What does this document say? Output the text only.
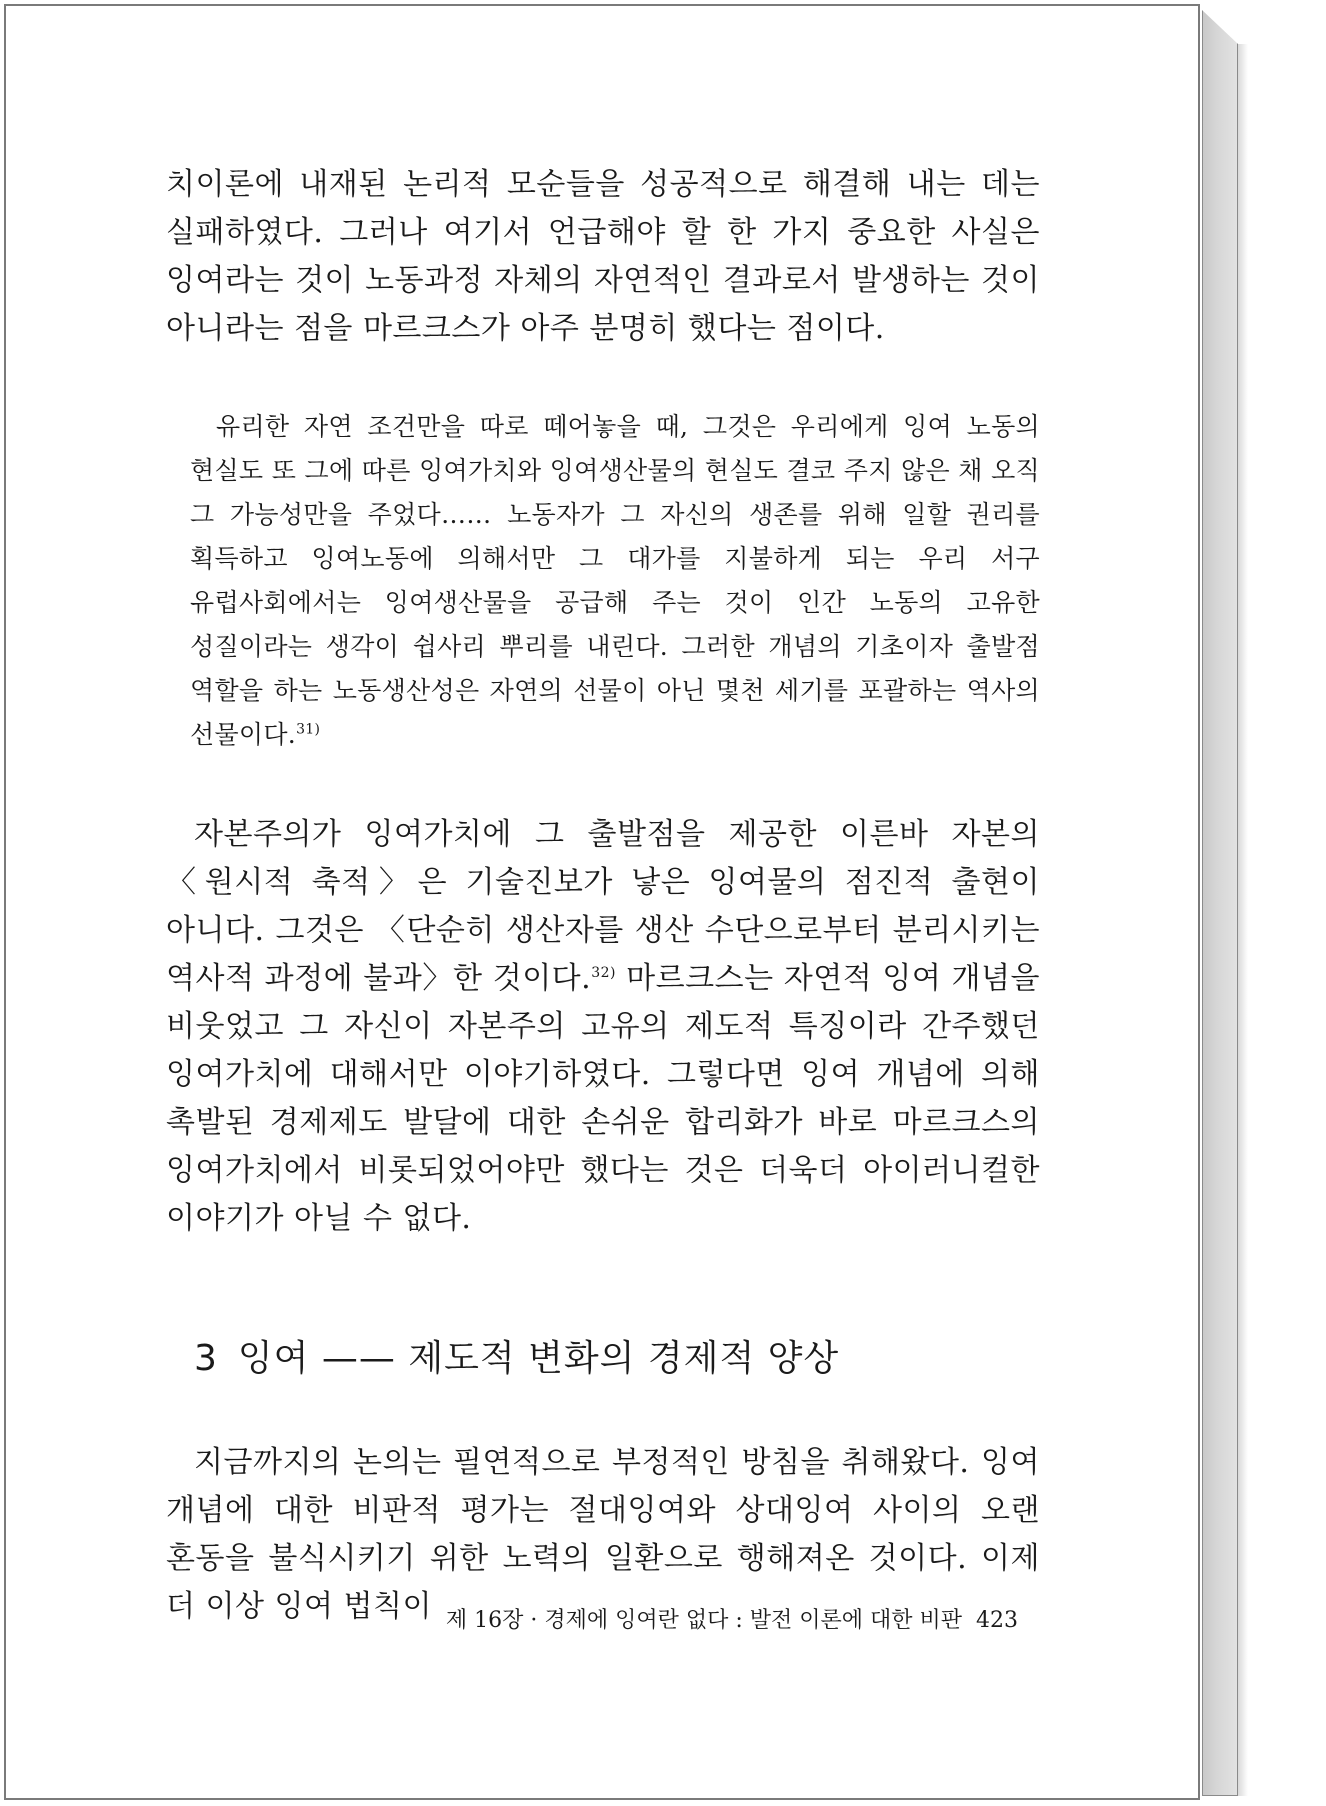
치이론에 내재된 논리적 모순들을 성공적으로 해결해 내는 데는 실패하였다. 그러나 여기서 언급해야 할 한 가지 중요한 사실은 잉여라는 것이 노동과정 자체의 자연적인 결과로서 발생하는 것이 아니라는 점을 마르크스가 아주 분명히 했다는 점이다.

유리한 자연 조건만을 따로 떼어놓을 때, 그것은 우리에게 잉여 노동의 현실도 또 그에 따른 잉여가치와 잉여생산물의 현실도 결코 주지 않은 채 오직 그 가능성만을 주었다…… 노동자가 그 자신의 생존를 위해 일할 권리를 획득하고 잉여노동에 의해서만 그 대가를 지불하게 되는 우리 서구 유럽사회에서는 잉여생산물을 공급해 주는 것이 인간 노동의 고유한 성질이라는 생각이 쉽사리 뿌리를 내린다. 그러한 개념의 기초이자 출발점 역할을 하는 노동생산성은 자연의 선물이 아닌 몇천 세기를 포괄하는 역사의 선물이다.$^{31)}$

자본주의가 잉여가치에 그 출발점을 제공한 이른바 자본의 〈원시적 축적〉은 기술진보가 낳은 잉여물의 점진적 출현이 아니다. 그것은 〈단순히 생산자를 생산 수단으로부터 분리시키는 역사적 과정에 불과〉한 것이다.$^{32)}$ 마르크스는 자연적 잉여 개념을 비웃었고 그 자신이 자본주의 고유의 제도적 특징이라 간주했던 잉여가치에 대해서만 이야기하였다. 그렇다면 잉여 개념에 의해 촉발된 경제제도 발달에 대한 손쉬운 합리화가 바로 마르크스의 잉여가치에서 비롯되었어야만 했다는 것은 더욱더 아이러니컬한 이야기가 아닐 수 없다.

3 잉여 —— 제도적 변화의 경제적 양상

지금까지의 논의는 필연적으로 부정적인 방침을 취해왔다. 잉여 개념에 대한 비판적 평가는 절대잉여와 상대잉여 사이의 오랜 혼동을 불식시키기 위한 노력의 일환으로 행해져온 것이다. 이제 더 이상 잉여 법칙이 제 16장 · 경제에 잉여란 없다 : 발전 이론에 대한 비판 423
